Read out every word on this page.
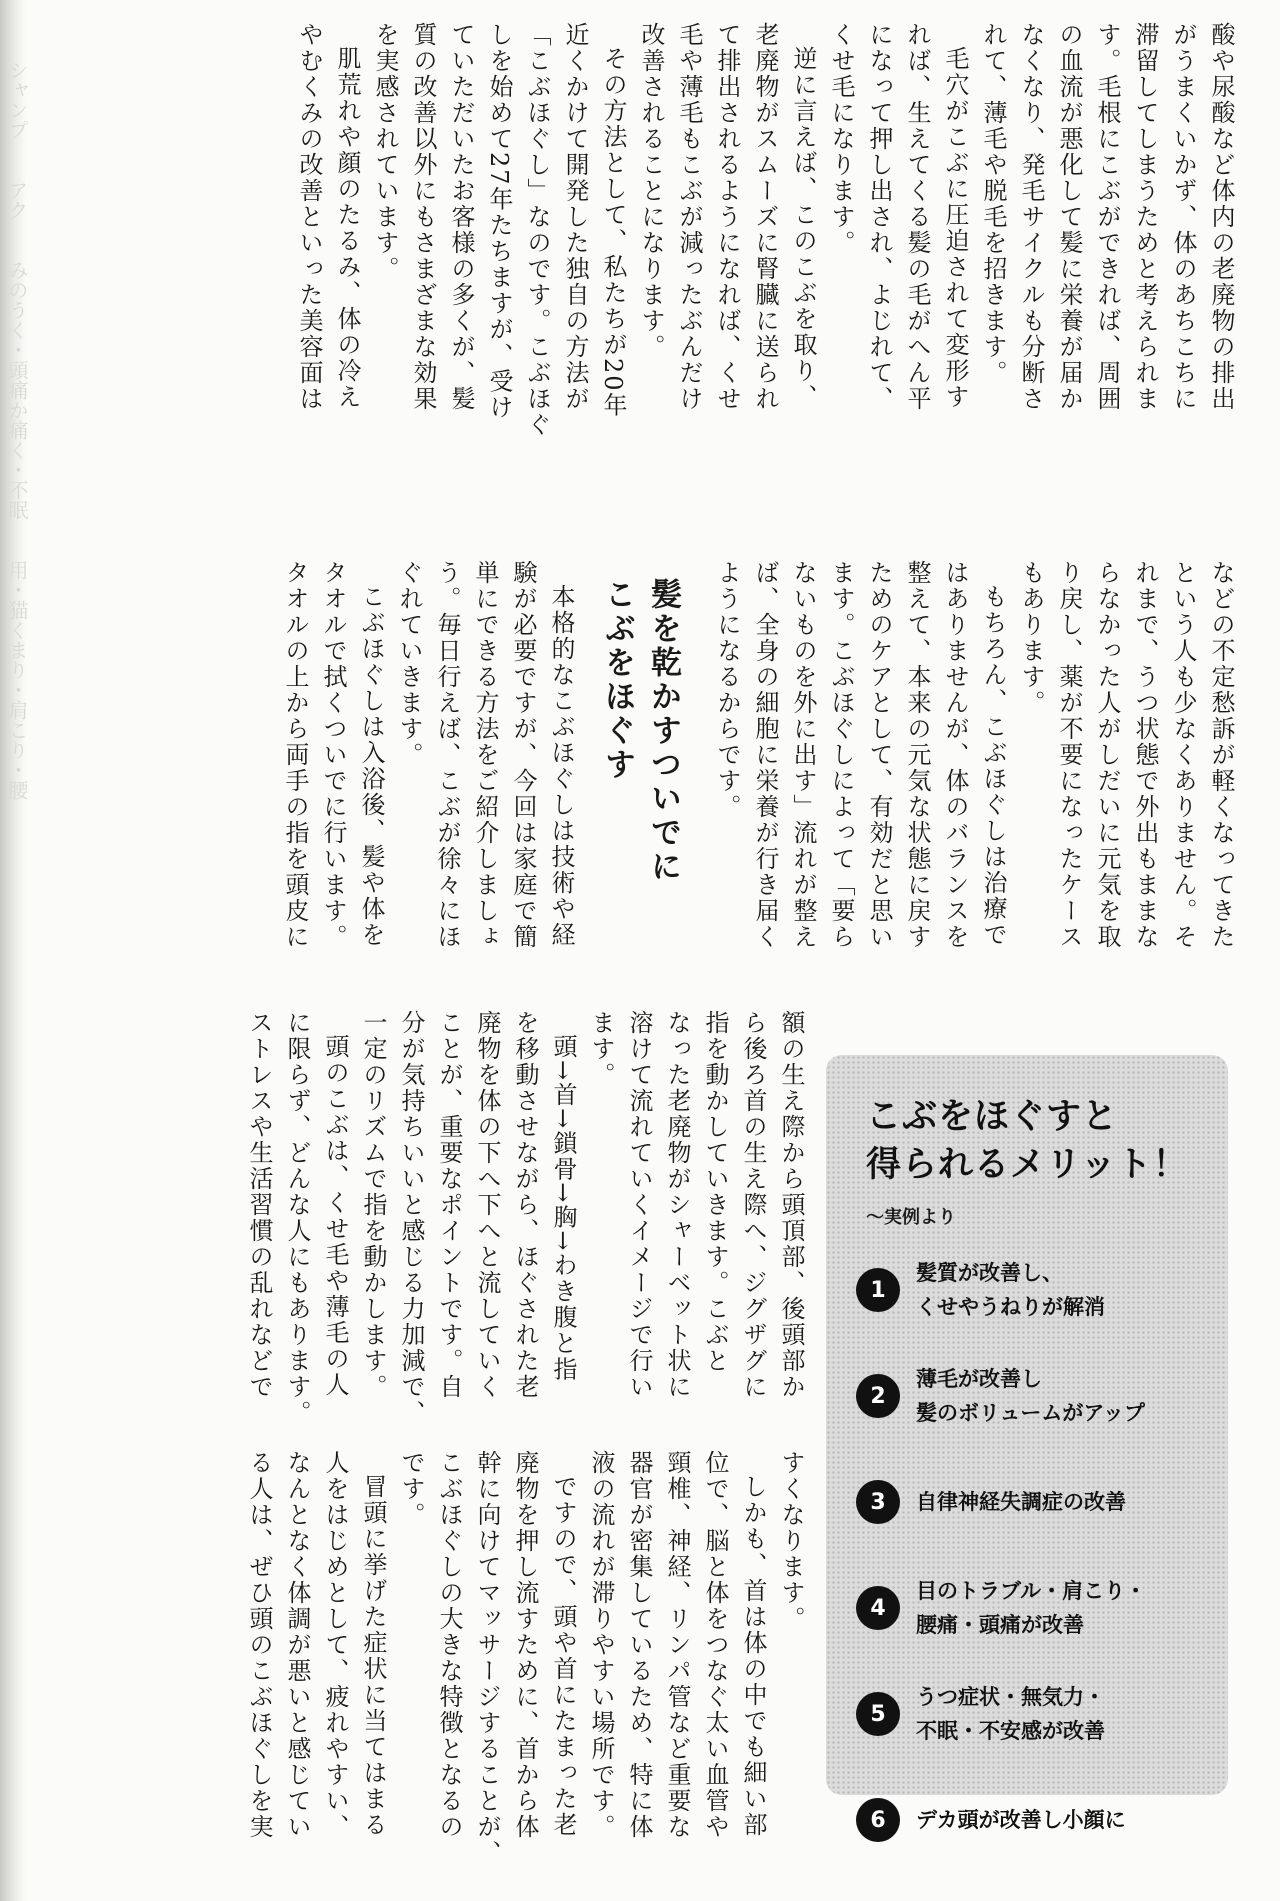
シャンプ
アク
みのうく・頭痛か痛く・不眠
用・猫くまり・肩こり・腰
酸や尿酸など体内の老廃物の排出
がうまくいかず、体のあちこちに
滞留してしまうためと考えられま
す。毛根にこぶができれば、周囲
の血流が悪化して髪に栄養が届か
なくなり、発毛サイクルも分断さ
れて、薄毛や脱毛を招きます。
毛穴がこぶに圧迫されて変形す
れば、生えてくる髪の毛がへん平
になって押し出され、よじれて、
くせ毛になります。
逆に言えば、このこぶを取り、
老廃物がスムーズに腎臓に送られ
て排出されるようになれば、くせ
毛や薄毛もこぶが減ったぶんだけ
改善されることになります。
その方法として、私たちが20年
近くかけて開発した独自の方法が
「こぶほぐし」なのです。こぶほぐ
しを始めて27年たちますが、受け
ていただいたお客様の多くが、髪
質の改善以外にもさまざまな効果
を実感されています。
肌荒れや顔のたるみ、体の冷え
やむくみの改善といった美容面は
などの不定愁訴が軽くなってきた
という人も少なくありません。そ
れまで、うつ状態で外出もままな
らなかった人がしだいに元気を取
り戻し、薬が不要になったケース
もあります。
もちろん、こぶほぐしは治療で
はありませんが、体のバランスを
整えて、本来の元気な状態に戻す
ためのケアとして、有効だと思い
ます。こぶほぐしによって「要ら
ないものを外に出す」流れが整え
ば、全身の細胞に栄養が行き届く
ようになるからです。
髪を乾かすついでに
こぶをほぐす
本格的なこぶほぐしは技術や経
験が必要ですが、今回は家庭で簡
単にできる方法をご紹介しましょ
う。毎日行えば、こぶが徐々にほ
ぐれていきます。
こぶほぐしは入浴後、髪や体を
タオルで拭くついでに行います。
タオルの上から両手の指を頭皮に
額の生え際から頭頂部、後頭部か
ら後ろ首の生え際へ、ジグザグに
指を動かしていきます。こぶと
なった老廃物がシャーベット状に
溶けて流れていくイメージで行い
ます。
頭→首→鎖骨→胸→わき腹と指
を移動させながら、ほぐされた老
廃物を体の下へ下へと流していく
ことが、重要なポイントです。自
分が気持ちいいと感じる力加減で、
一定のリズムで指を動かします。
頭のこぶは、くせ毛や薄毛の人
に限らず、どんな人にもあります。
ストレスや生活習慣の乱れなどで
すくなります。
しかも、首は体の中でも細い部
位で、脳と体をつなぐ太い血管や
頸椎、神経、リンパ管など重要な
器官が密集しているため、特に体
液の流れが滞りやすい場所です。
ですので、頭や首にたまった老
廃物を押し流すために、首から体
幹に向けてマッサージすることが、
こぶほぐしの大きな特徴となるの
です。
冒頭に挙げた症状に当てはまる
人をはじめとして、疲れやすい、
なんとなく体調が悪いと感じてい
る人は、ぜひ頭のこぶほぐしを実
こぶをほぐすと
得られるメリット！
〜実例より
1
髪質が改善し、
くせやうねりが解消
2
薄毛が改善し
髪のボリュームがアップ
3	自律神経失調症の改善
4
目のトラブル・肩こり・
腰痛・頭痛が改善
5
うつ症状・無気力・
不眠・不安感が改善
6	デカ頭が改善し小顔に
